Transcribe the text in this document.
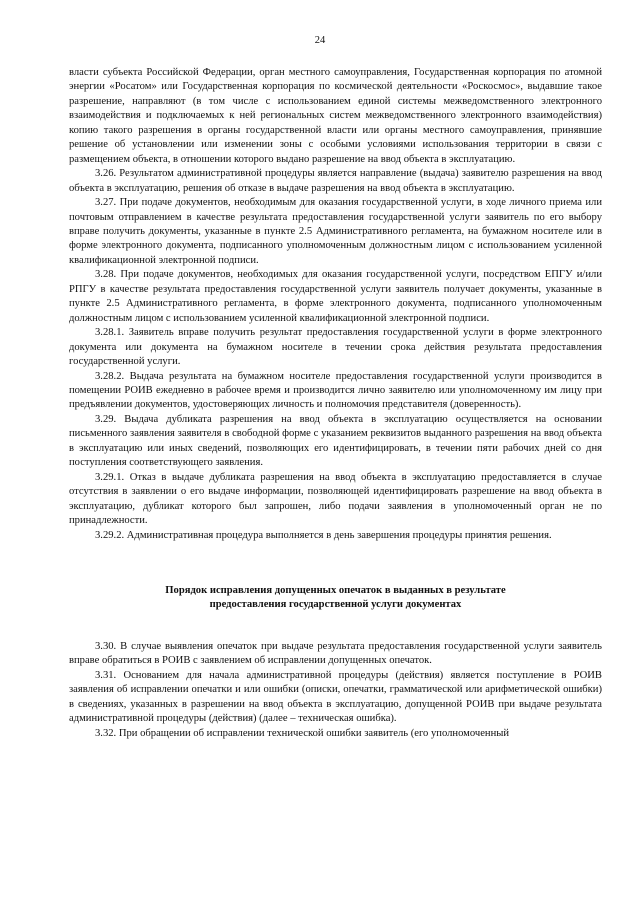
24

власти субъекта Российской Федерации, орган местного самоуправления, Государственная корпорация по атомной энергии «Росатом» или Государственная корпорация по космической деятельности «Роскосмос», выдавшие такое разрешение, направляют (в том числе с использованием единой системы межведомственного электронного взаимодействия и подключаемых к ней региональных систем межведомственного электронного взаимодействия) копию такого разрешения в органы государственной власти или органы местного самоуправления, принявшие решение об установлении или изменении зоны с особыми условиями использования территории в связи с размещением объекта, в отношении которого выдано разрешение на ввод объекта в эксплуатацию.

3.26. Результатом административной процедуры является направление (выдача) заявителю разрешения на ввод объекта в эксплуатацию, решения об отказе в выдаче разрешения на ввод объекта в эксплуатацию.

3.27. При подаче документов, необходимым для оказания государственной услуги, в ходе личного приема или почтовым отправлением в качестве результата предоставления государственной услуги заявитель по его выбору вправе получить документы, указанные в пункте 2.5 Административного регламента, на бумажном носителе или в форме электронного документа, подписанного уполномоченным должностным лицом с использованием усиленной квалификационной электронной подписи.

3.28. При подаче документов, необходимых для оказания государственной услуги, посредством ЕПГУ и/или РПГУ в качестве результата предоставления государственной услуги заявитель получает документы, указанные в пункте 2.5 Административного регламента, в форме электронного документа, подписанного уполномоченным должностным лицом с использованием усиленной квалификационной электронной подписи.

3.28.1. Заявитель вправе получить результат предоставления государственной услуги в форме электронного документа или документа на бумажном носителе в течении срока действия результата предоставления государственной услуги.

3.28.2. Выдача результата на бумажном носителе предоставления государственной услуги производится в помещении РОИВ ежедневно в рабочее время и производится лично заявителю или уполномоченному им лицу при предъявлении документов, удостоверяющих личность и полномочия представителя (доверенность).

3.29. Выдача дубликата разрешения на ввод объекта в эксплуатацию осуществляется на основании письменного заявления заявителя в свободной форме с указанием реквизитов выданного разрешения на ввод объекта в эксплуатацию или иных сведений, позволяющих его идентифицировать, в течении пяти рабочих дней со дня поступления соответствующего заявления.

3.29.1. Отказ в выдаче дубликата разрешения на ввод объекта в эксплуатацию предоставляется в случае отсутствия в заявлении о его выдаче информации, позволяющей идентифицировать разрешение на ввод объекта в эксплуатацию, дубликат которого был запрошен, либо подачи заявления в уполномоченный орган не по принадлежности.

3.29.2. Административная процедура выполняется в день завершения процедуры принятия решения.

Порядок исправления допущенных опечаток в выданных в результате
предоставления государственной услуги документах

3.30. В случае выявления опечаток при выдаче результата предоставления государственной услуги заявитель вправе обратиться в РОИВ с заявлением об исправлении допущенных опечаток.

3.31. Основанием для начала административной процедуры (действия) является поступление в РОИВ заявления об исправлении опечатки и или ошибки (описки, опечатки, грамматической или арифметической ошибки) в сведениях, указанных в разрешении на ввод объекта в эксплуатацию, допущенной РОИВ при выдаче результата административной процедуры (действия) (далее – техническая ошибка).

3.32. При обращении об исправлении технической ошибки заявитель (его уполномоченный
